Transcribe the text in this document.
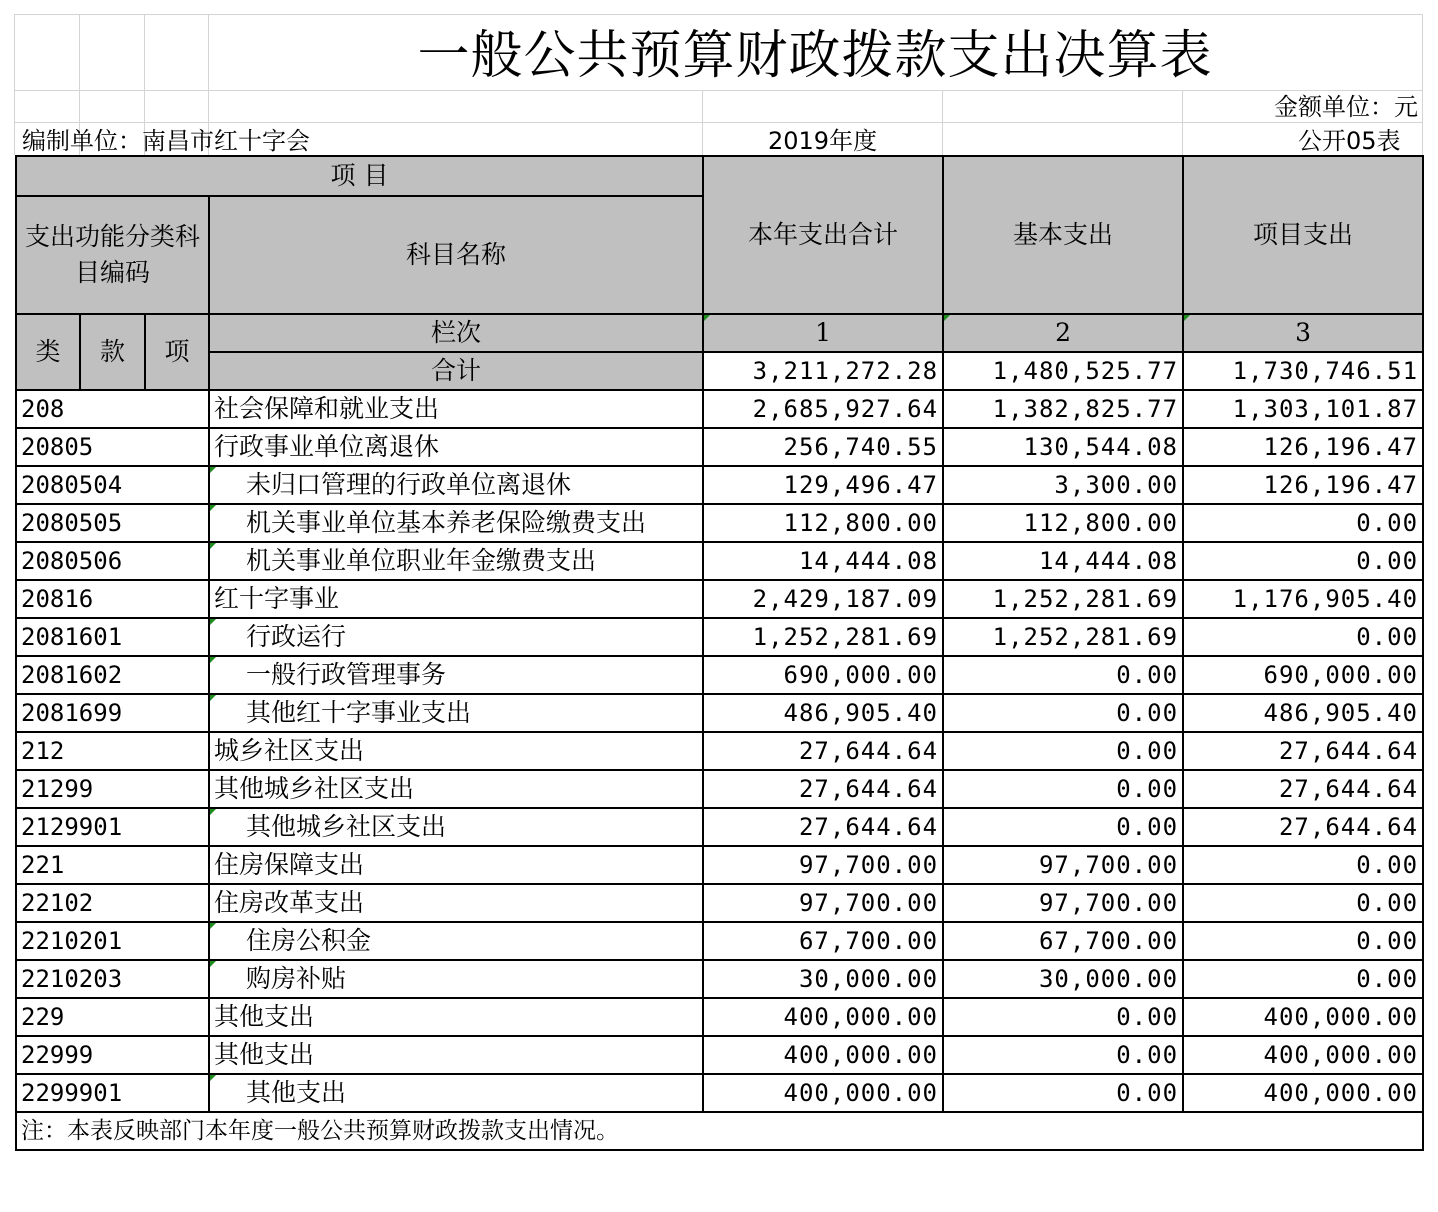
一般公共预算财政拨款支出决算表
金额单位：元
编制单位：南昌市红十字会	2019年度	公开05表
项 目				本年支出合计	基本支出	项目支出
支出功能分类科目编码			科目名称			
类	款	项	栏次	1	2	3
			合计	3,211,272.28	1,480,525.77	1,730,746.51
208			社会保障和就业支出	2,685,927.64	1,382,825.77	1,303,101.87
20805			行政事业单位离退休	256,740.55	130,544.08	126,196.47
2080504			未归口管理的行政单位离退休	129,496.47	3,300.00	126,196.47
2080505			机关事业单位基本养老保险缴费支出	112,800.00	112,800.00	0.00
2080506			机关事业单位职业年金缴费支出	14,444.08	14,444.08	0.00
20816			红十字事业	2,429,187.09	1,252,281.69	1,176,905.40
2081601			行政运行	1,252,281.69	1,252,281.69	0.00
2081602			一般行政管理事务	690,000.00	0.00	690,000.00
2081699			其他红十字事业支出	486,905.40	0.00	486,905.40
212			城乡社区支出	27,644.64	0.00	27,644.64
21299			其他城乡社区支出	27,644.64	0.00	27,644.64
2129901			其他城乡社区支出	27,644.64	0.00	27,644.64
221			住房保障支出	97,700.00	97,700.00	0.00
22102			住房改革支出	97,700.00	97,700.00	0.00
2210201			住房公积金	67,700.00	67,700.00	0.00
2210203			购房补贴	30,000.00	30,000.00	0.00
229			其他支出	400,000.00	0.00	400,000.00
22999			其他支出	400,000.00	0.00	400,000.00
2299901			其他支出	400,000.00	0.00	400,000.00
注：本表反映部门本年度一般公共预算财政拨款支出情况。						
